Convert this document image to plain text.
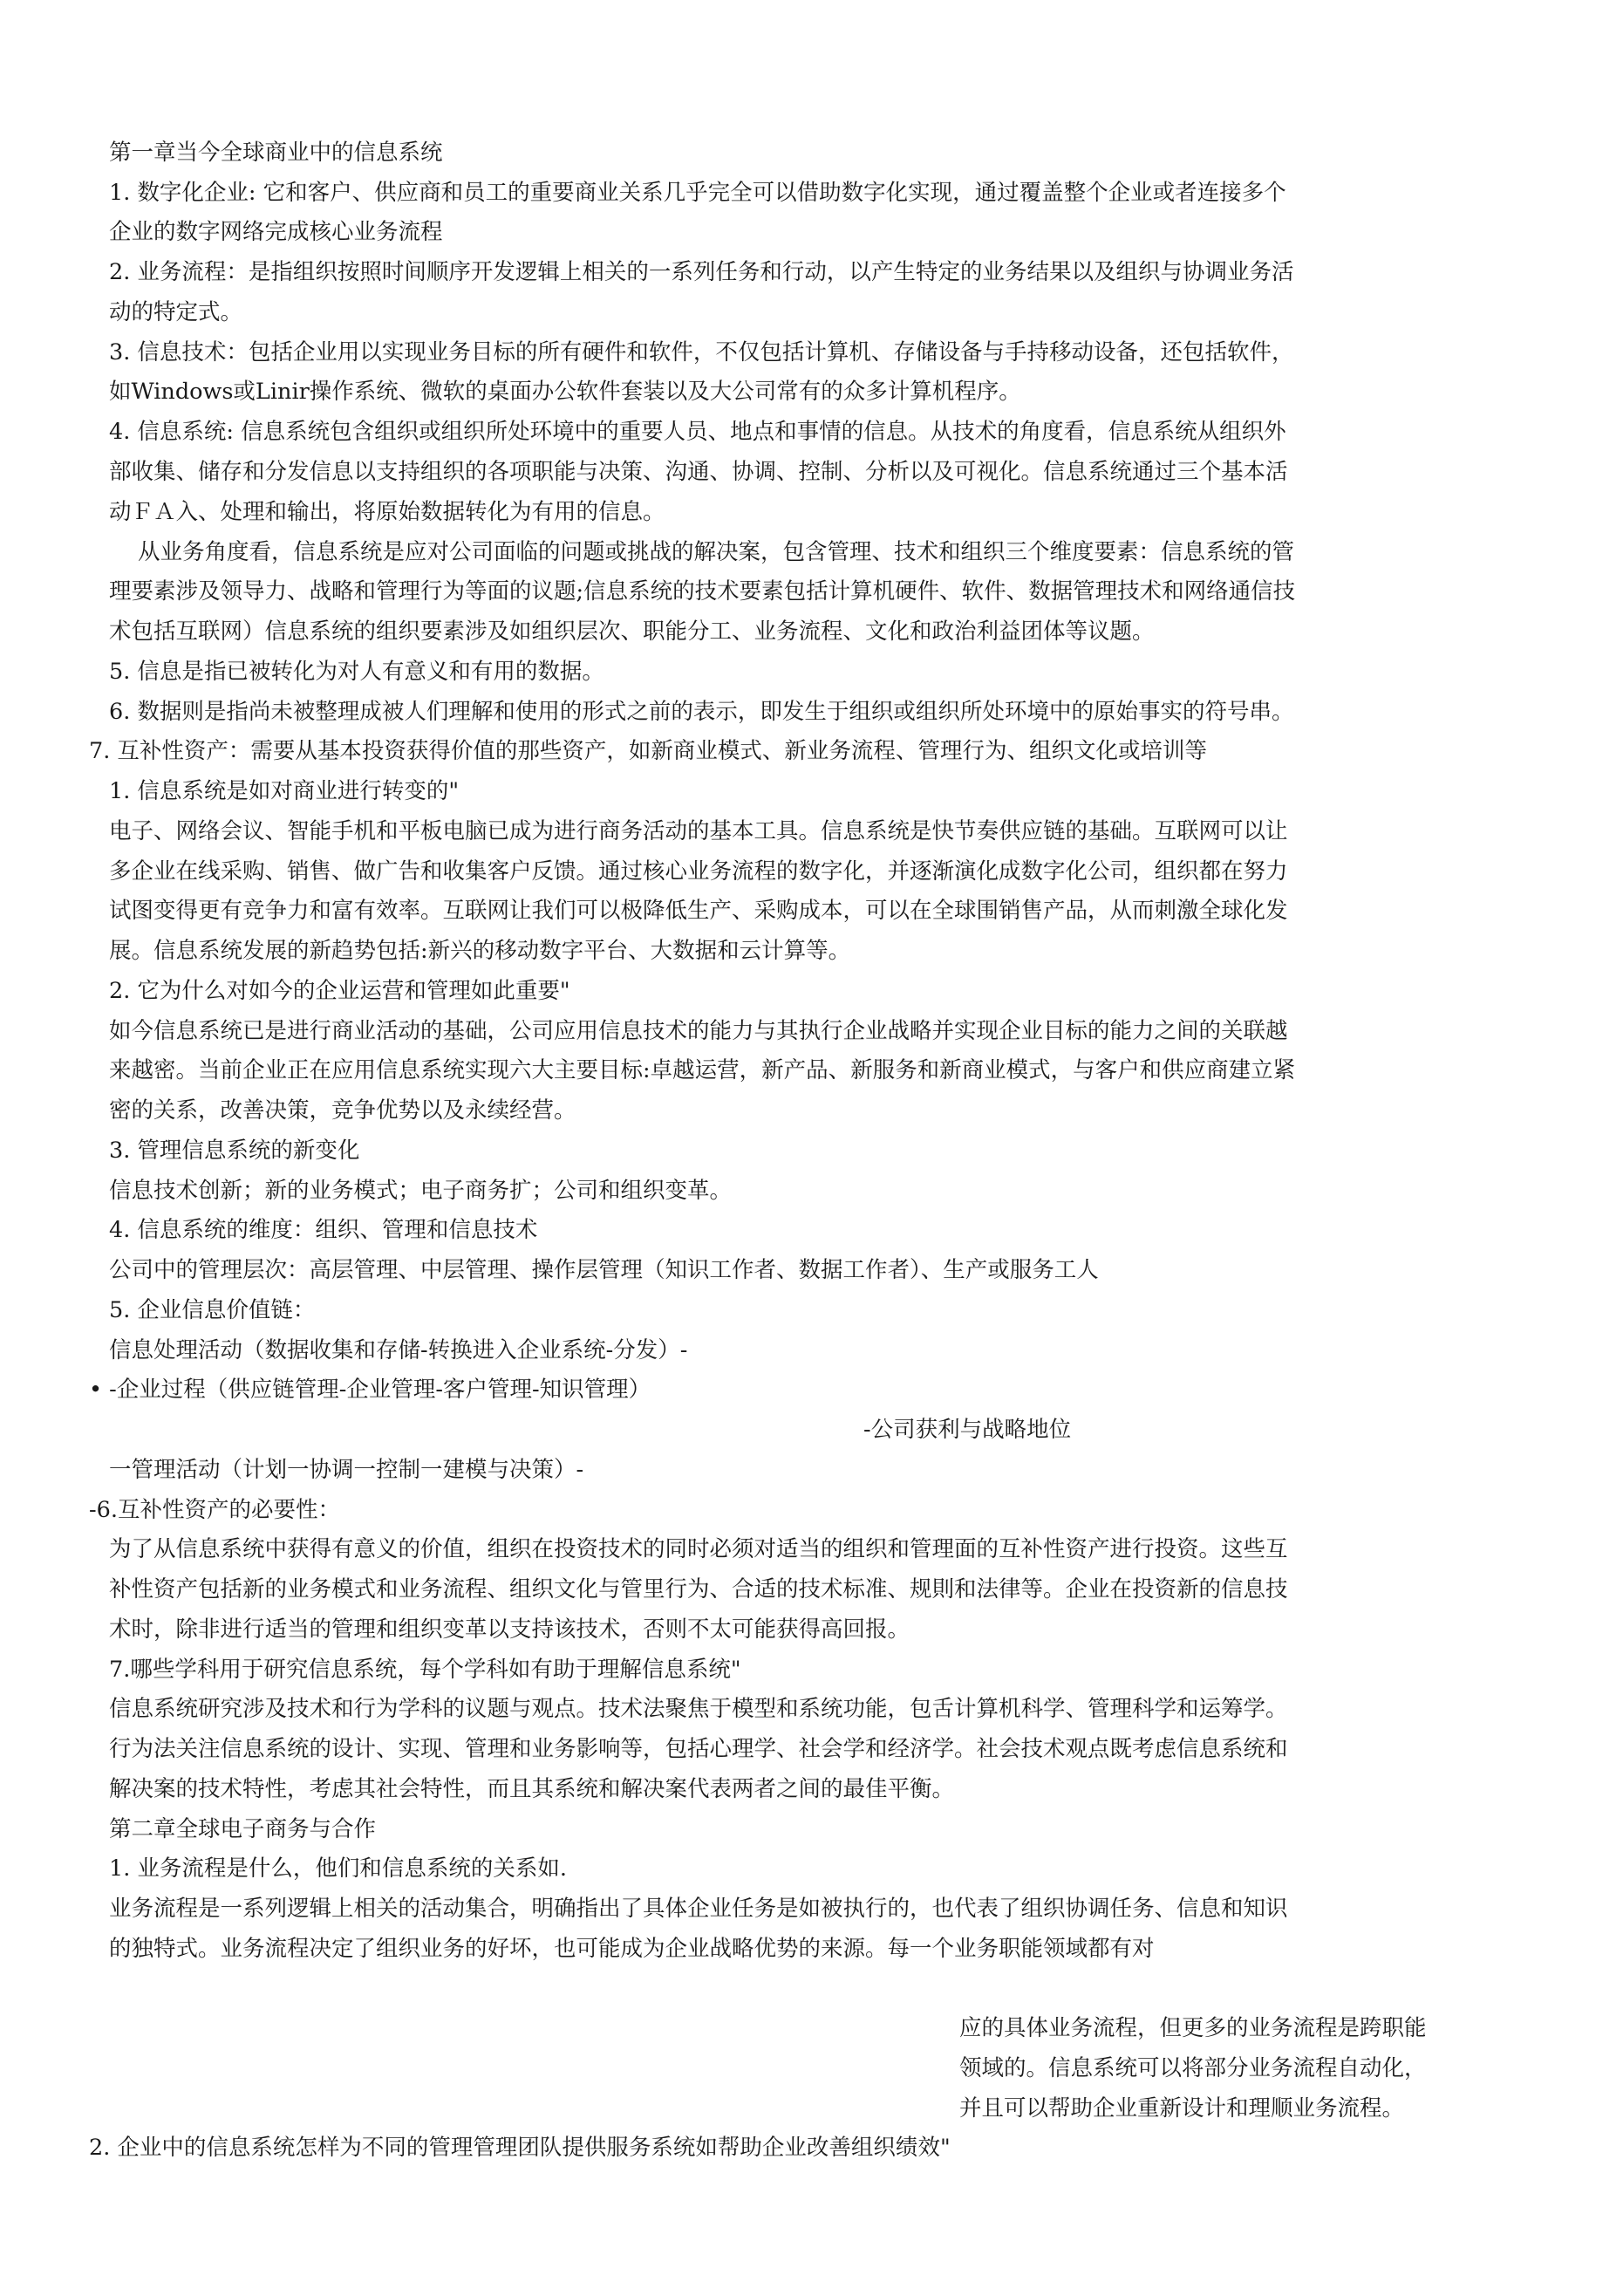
第一章当今全球商业中的信息系统

1. 数字化企业: 它和客户、供应商和员工的重要商业关系几乎完全可以借助数字化实现，通过覆盖整个企业或者连接多个

企业的数字网络完成核心业务流程

2. 业务流程：是指组织按照时间顺序开发逻辑上相关的一系列任务和行动，以产生特定的业务结果以及组织与协调业务活

动的特定式。

3. 信息技术：包括企业用以实现业务目标的所有硬件和软件，不仅包括计算机、存储设备与手持移动设备，还包括软件，

如Windows或Linir操作系统、微软的桌面办公软件套装以及大公司常有的众多计算机程序。

4. 信息系统: 信息系统包含组织或组织所处环境中的重要人员、地点和事情的信息。从技术的角度看，信息系统从组织外

部收集、储存和分发信息以支持组织的各项职能与决策、沟通、协调、控制、分析以及可视化。信息系统通过三个基本活

动ＦＡ入、处理和输出，将原始数据转化为有用的信息。

从业务角度看，信息系统是应对公司面临的问题或挑战的解决案，包含管理、技术和组织三个维度要素：信息系统的管

理要素涉及领导力、战略和管理行为等面的议题;信息系统的技术要素包括计算机硬件、软件、数据管理技术和网络通信技

术包括互联网）信息系统的组织要素涉及如组织层次、职能分工、业务流程、文化和政治利益团体等议题。

5. 信息是指已被转化为对人有意义和有用的数据。

6. 数据则是指尚未被整理成被人们理解和使用的形式之前的表示，即发生于组织或组织所处环境中的原始事实的符号串。

7. 互补性资产：需要从基本投资获得价值的那些资产，如新商业模式、新业务流程、管理行为、组织文化或培训等

1. 信息系统是如对商业进行转变的"

电子、网络会议、智能手机和平板电脑已成为进行商务活动的基本工具。信息系统是快节奏供应链的基础。互联网可以让

多企业在线采购、销售、做广告和收集客户反馈。通过核心业务流程的数字化，并逐渐演化成数字化公司，组织都在努力

试图变得更有竞争力和富有效率。互联网让我们可以极降低生产、采购成本，可以在全球围销售产品，从而刺激全球化发

展。信息系统发展的新趋势包括:新兴的移动数字平台、大数据和云计算等。

2. 它为什么对如今的企业运营和管理如此重要"

如今信息系统已是进行商业活动的基础，公司应用信息技术的能力与其执行企业战略并实现企业目标的能力之间的关联越

来越密。当前企业正在应用信息系统实现六大主要目标:卓越运营，新产品、新服务和新商业模式，与客户和供应商建立紧

密的关系，改善决策，竞争优势以及永续经营。

3. 管理信息系统的新变化

信息技术创新；新的业务模式；电子商务扩；公司和组织变革。

4. 信息系统的维度：组织、管理和信息技术

公司中的管理层次：高层管理、中层管理、操作层管理（知识工作者、数据工作者）、生产或服务工人

5. 企业信息价值链：

信息处理活动（数据收集和存储-转换进入企业系统-分发）-

• -企业过程（供应链管理-企业管理-客户管理-知识管理）

-公司获利与战略地位

一管理活动（计划一协调一控制一建模与决策）-

-6.互补性资产的必要性：

为了从信息系统中获得有意义的价值，组织在投资技术的同时必须对适当的组织和管理面的互补性资产进行投资。这些互

补性资产包括新的业务模式和业务流程、组织文化与管里行为、合适的技术标准、规則和法律等。企业在投资新的信息技

术时，除非进行适当的管理和组织变革以支持该技术，否则不太可能获得高回报。

7.哪些学科用于研究信息系统，每个学科如有助于理解信息系统"

信息系统研究涉及技术和行为学科的议题与观点。技术法聚焦于模型和系统功能，包舌计算机科学、管理科学和运筹学。

行为法关注信息系统的设计、实现、管理和业务影响等，包括心理学、社会学和经济学。社会技术观点既考虑信息系统和

解决案的技术特性，考虑其社会特性，而且其系统和解决案代表两者之间的最佳平衡。

第二章全球电子商务与合作

1. 业务流程是什么，他们和信息系统的关系如.

业务流程是一系列逻辑上相关的活动集合，明确指出了具体企业任务是如被执行的，也代表了组织协调任务、信息和知识

的独特式。业务流程决定了组织业务的好坏，也可能成为企业战略优势的来源。每一个业务职能领域都有对

应的具体业务流程，但更多的业务流程是跨职能

领域的。信息系统可以将部分业务流程自动化，

并且可以帮助企业重新设计和理顺业务流程。

2. 企业中的信息系统怎样为不同的管理管理团队提供服务系统如帮助企业改善组织绩效"
